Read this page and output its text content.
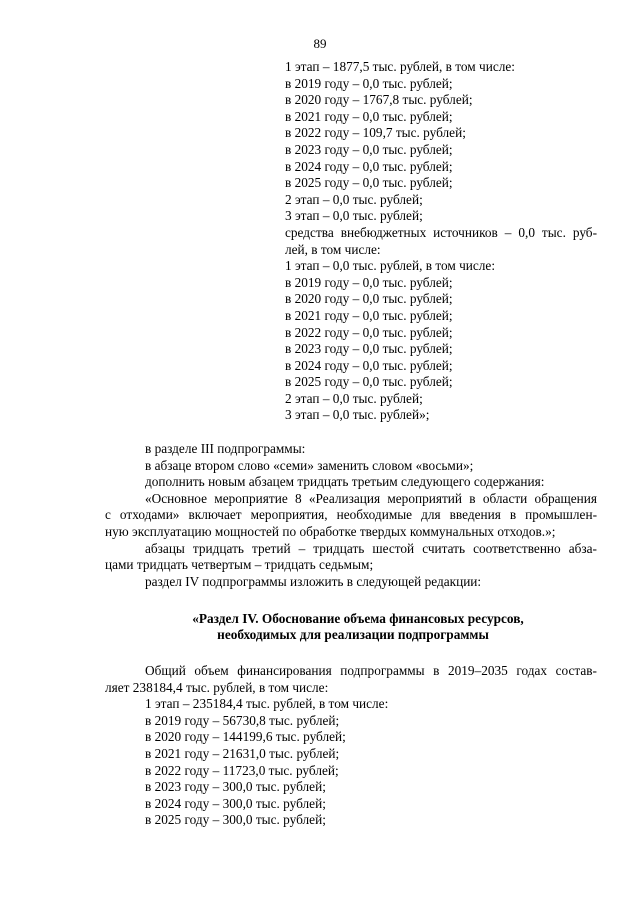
89
1 этап – 1877,5 тыс. рублей, в том числе:
в 2019 году – 0,0 тыс. рублей;
в 2020 году – 1767,8 тыс. рублей;
в 2021 году – 0,0 тыс. рублей;
в 2022 году – 109,7 тыс. рублей;
в 2023 году – 0,0 тыс. рублей;
в 2024 году – 0,0 тыс. рублей;
в 2025 году – 0,0 тыс. рублей;
2 этап – 0,0 тыс. рублей;
3 этап – 0,0 тыс. рублей;
средства внебюджетных источников – 0,0 тыс. руб-
лей, в том числе:
1 этап – 0,0 тыс. рублей, в том числе:
в 2019 году – 0,0 тыс. рублей;
в 2020 году – 0,0 тыс. рублей;
в 2021 году – 0,0 тыс. рублей;
в 2022 году – 0,0 тыс. рублей;
в 2023 году – 0,0 тыс. рублей;
в 2024 году – 0,0 тыс. рублей;
в 2025 году – 0,0 тыс. рублей;
2 этап – 0,0 тыс. рублей;
3 этап – 0,0 тыс. рублей»;
в разделе III подпрограммы:
в абзаце втором слово «семи» заменить словом «восьми»;
дополнить новым абзацем тридцать третьим следующего содержания:
«Основное мероприятие 8 «Реализация мероприятий в области обращения
с отходами» включает мероприятия, необходимые для введения в промышлен-
ную эксплуатацию мощностей по обработке твердых коммунальных отходов.»;
абзацы тридцать третий – тридцать шестой считать соответственно абза-
цами тридцать четвертым – тридцать седьмым;
раздел IV подпрограммы изложить в следующей редакции:
«Раздел IV. Обоснование объема финансовых ресурсов,
необходимых для реализации подпрограммы
Общий объем финансирования подпрограммы в 2019–2035 годах состав-
ляет 238184,4 тыс. рублей, в том числе:
1 этап – 235184,4 тыс. рублей, в том числе:
в 2019 году – 56730,8 тыс. рублей;
в 2020 году – 144199,6 тыс. рублей;
в 2021 году – 21631,0 тыс. рублей;
в 2022 году – 11723,0 тыс. рублей;
в 2023 году – 300,0 тыс. рублей;
в 2024 году – 300,0 тыс. рублей;
в 2025 году – 300,0 тыс. рублей;
